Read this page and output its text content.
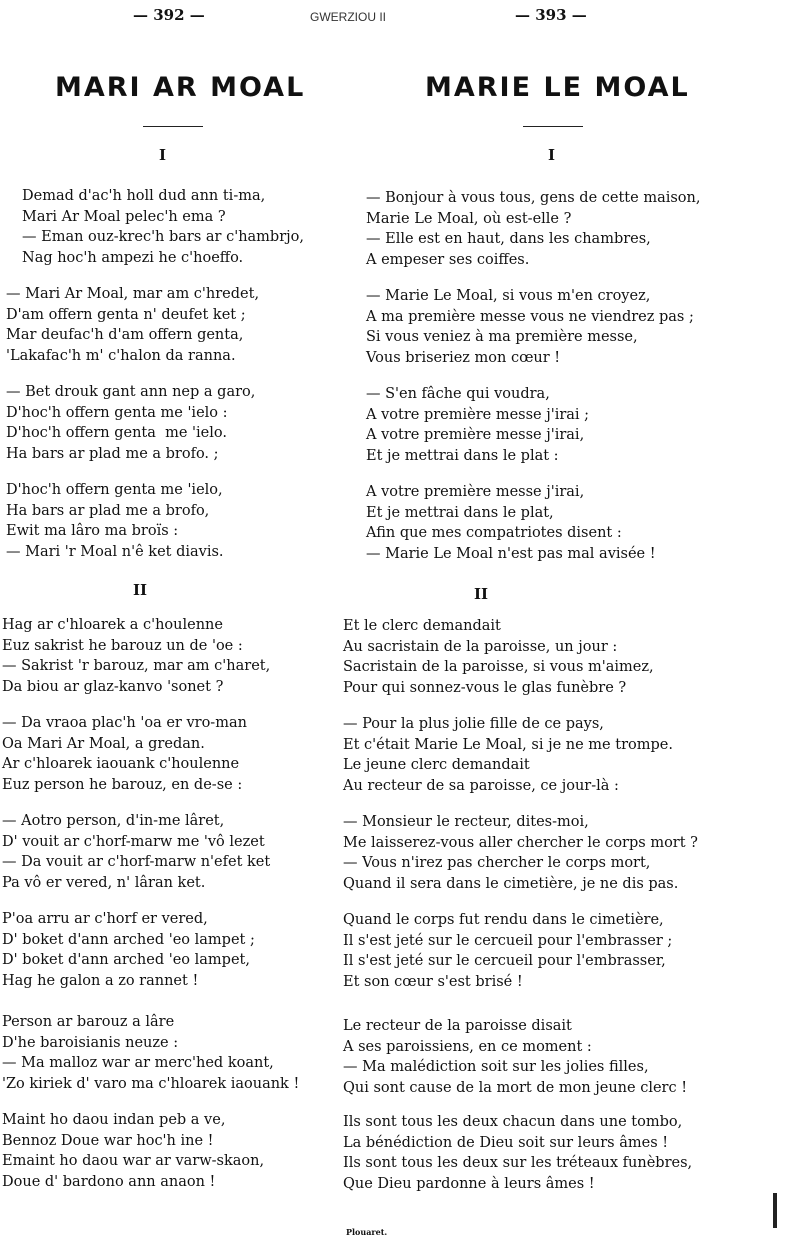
— 392 —	GWERZIOU II	— 393 —
MARI AR MOAL	MARIE LE MOAL
I

Demad d'ac'h holl dud ann ti-ma,
Mari Ar Moal pelec'h ema ?
— Eman ouz-krec'h bars ar c'hambrjo,
Nag hoc'h ampezi he c'hoeffo.

— Mari Ar Moal, mar am c'hredet,
D'am offern genta n' deufet ket ;
Mar deufac'h d'am offern genta,
'Lakafac'h m' c'halon da ranna.

— Bet drouk gant ann nep a garo,
D'hoc'h offern genta me 'ielo :
D'hoc'h offern genta  me 'ielo.
Ha bars ar plad me a brofo. ;

D'hoc'h offern genta me 'ielo,
Ha bars ar plad me a brofo,
Ewit ma lâro ma broïs :
— Mari 'r Moal n'ê ket diavis.

II

Hag ar c'hloarek a c'houlenne
Euz sakrist he barouz un de 'oe :
— Sakrist 'r barouz, mar am c'haret,
Da biou ar glaz-kanvo 'sonet ?

— Da vraoa plac'h 'oa er vro-man
Oa Mari Ar Moal, a gredan.
Ar c'hloarek iaouank c'houlenne
Euz person he barouz, en de-se :

— Aotro person, d'in-me lâret,
D' vouit ar c'horf-marw me 'vô lezet
— Da vouit ar c'horf-marw n'efet ket
Pa vô er vered, n' lâran ket.

P'oa arru ar c'horf er vered,
D' boket d'ann arched 'eo lampet ;
D' boket d'ann arched 'eo lampet,
Hag he galon a zo rannet !

Person ar barouz a lâre
D'he baroisianis neuze :
— Ma malloz war ar merc'hed koant,
'Zo kiriek d' varo ma c'hloarek iaouank !

Maint ho daou indan peb a ve,
Bennoz Doue war hoc'h ine !
Emaint ho daou war ar varw-skaon,
Doue d' bardono ann anaon !

I

— Bonjour à vous tous, gens de cette maison,
Marie Le Moal, où est-elle ?
— Elle est en haut, dans les chambres,
A empeser ses coiffes.

— Marie Le Moal, si vous m'en croyez,
A ma première messe vous ne viendrez pas ;
Si vous veniez à ma première messe,
Vous briseriez mon cœur !

— S'en fâche qui voudra,
A votre première messe j'irai ;
A votre première messe j'irai,
Et je mettrai dans le plat :

A votre première messe j'irai,
Et je mettrai dans le plat,
Afin que mes compatriotes disent :
— Marie Le Moal n'est pas mal avisée !

II

Et le clerc demandait
Au sacristain de la paroisse, un jour :
Sacristain de la paroisse, si vous m'aimez,
Pour qui sonnez-vous le glas funèbre ?

— Pour la plus jolie fille de ce pays,
Et c'était Marie Le Moal, si je ne me trompe.
Le jeune clerc demandait
Au recteur de sa paroisse, ce jour-là :

— Monsieur le recteur, dites-moi,
Me laisserez-vous aller chercher le corps mort ?
— Vous n'irez pas chercher le corps mort,
Quand il sera dans le cimetière, je ne dis pas.

Quand le corps fut rendu dans le cimetière,
Il s'est jeté sur le cercueil pour l'embrasser ;
Il s'est jeté sur le cercueil pour l'embrasser,
Et son cœur s'est brisé !

Le recteur de la paroisse disait
A ses paroissiens, en ce moment :
— Ma malédiction soit sur les jolies filles,
Qui sont cause de la mort de mon jeune clerc !

Ils sont tous les deux chacun dans une tombo,
La bénédiction de Dieu soit sur leurs âmes !
Ils sont tous les deux sur les tréteaux funèbres,
Que Dieu pardonne à leurs âmes !

Plouaret.
